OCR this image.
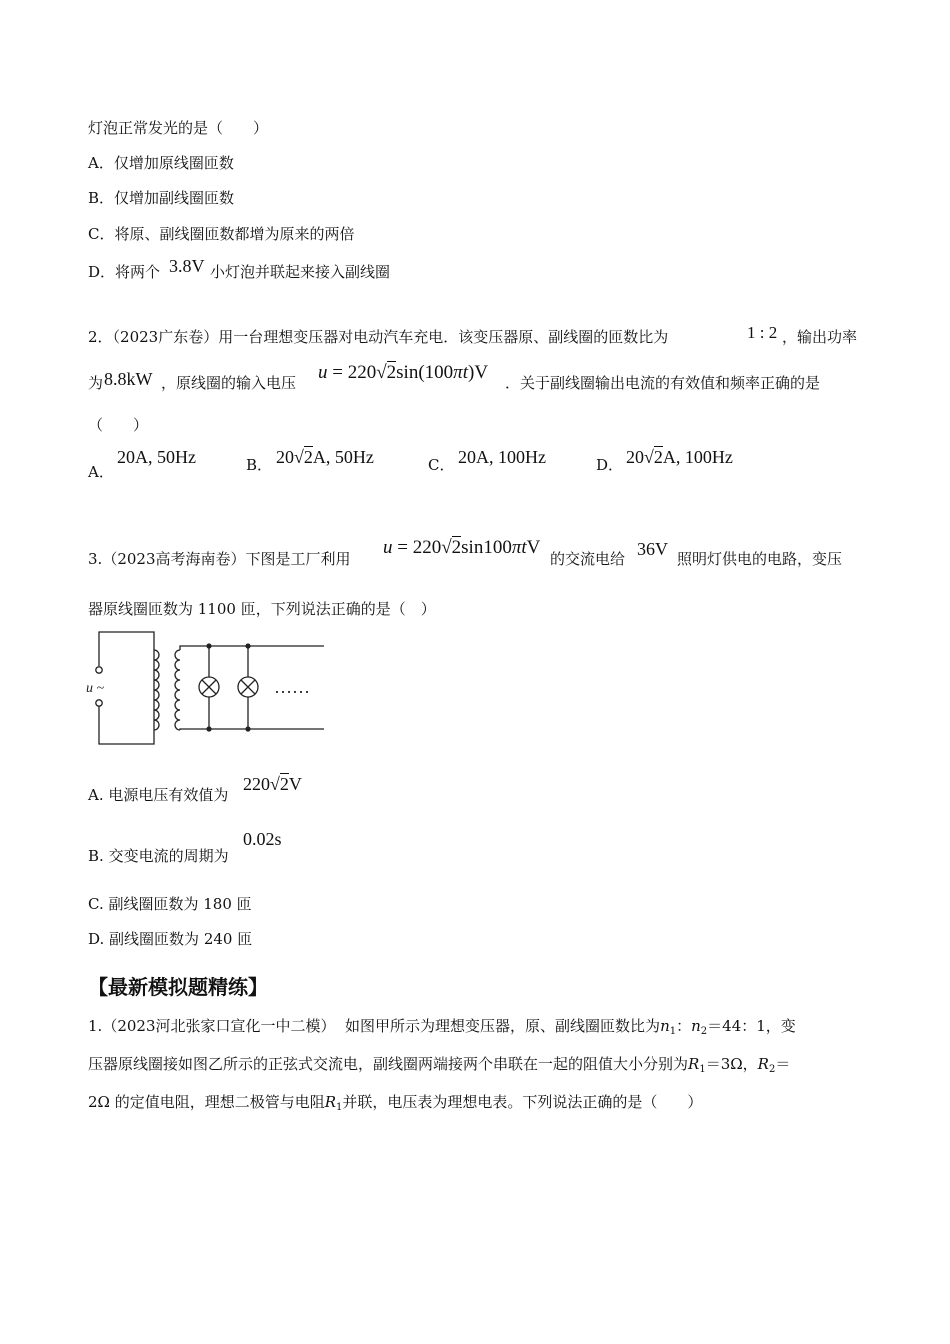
灯泡正常发光的是（　　）
A．仅增加原线圈匝数
B．仅增加副线圈匝数
C．将原、副线圈匝数都增为原来的两倍
D．将两个 3.8V 小灯泡并联起来接入副线圈
2．（2023广东卷）用一台理想变压器对电动汽车充电．该变压器原、副线圈的匝数比为	1 : 2 ，输出功率
为 8.8kW ，原线圈的输入电压 u = 220√2sin(100πt)V ．关于副线圈输出电流的有效值和频率正确的是
（　　）
A．
20A, 50Hz	B． 20√2A, 50Hz	C． 20A, 100Hz	D． 20√2A, 100Hz
3.（2023高考海南卷）下图是工厂利用
u = 220√2sin100πtV
的交流电给 36V 照明灯供电的电路，变压
器原线圈匝数为 1100 匝，下列说法正确的是（　）
u ~	……
A. 电源电压有效值为
220√2V
B. 交变电流的周期为
0.02s
C. 副线圈匝数为 180 匝
D. 副线圈匝数为 240 匝
【最新模拟题精练】
1.（2023河北张家口宣化一中二模） 如图甲所示为理想变压器，原、副线圈匝数比为$n_1$：$n_2=44$：1，变
压器原线圈接如图乙所示的正弦式交流电，副线圈两端接两个串联在一起的阻值大小分别为$R_1=3\Omega$，$R_2=$
2Ω 的定值电阻，理想二极管与电阻$R_1$并联，电压表为理想电表。下列说法正确的是（　　）
